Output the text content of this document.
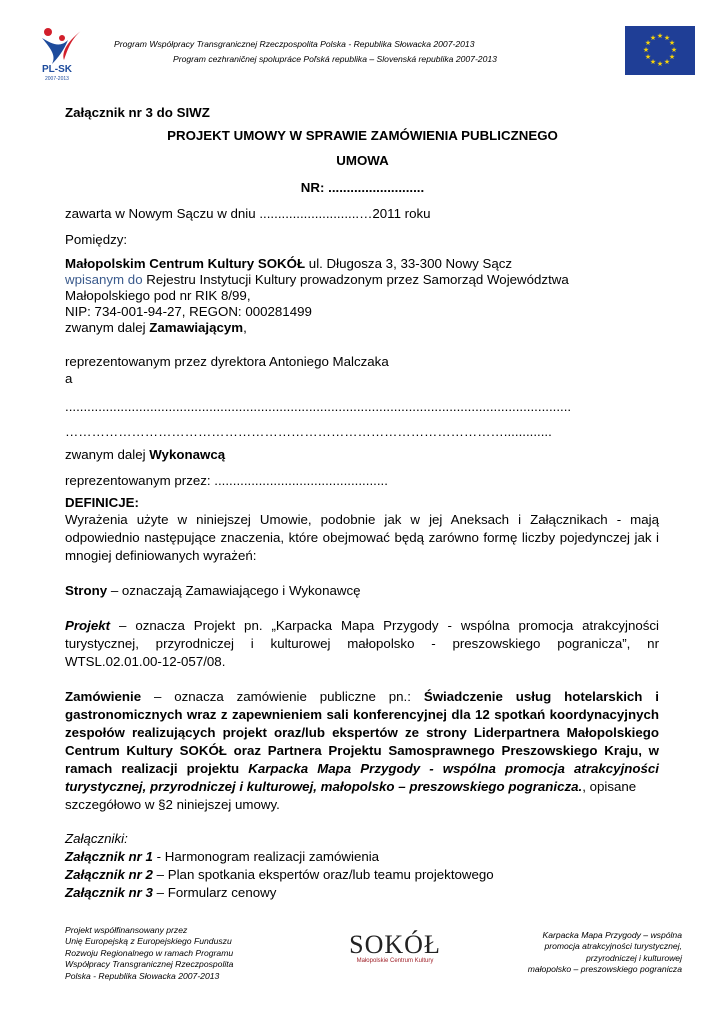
PL-SK
2007-2013
Program Współpracy Transgranicznej Rzeczpospolita Polska - Republika Słowacka 2007-2013
Program cezhraničnej spolupráce Poľská republika – Slovenská republika 2007-2013
★ ★
★
★
★
★
★
★
★
★
★
★
Załącznik nr 3 do SIWZ
PROJEKT UMOWY W SPRAWIE ZAMÓWIENIA PUBLICZNEGO
UMOWA
NR: ..........................
zawarta w Nowym Sączu w dniu ...........................…2011 roku
Pomiędzy:
Małopolskim Centrum Kultury SOKÓŁ ul. Długosza 3, 33-300 Nowy Sącz
wpisanym do Rejestru Instytucji Kultury prowadzonym przez Samorząd Województwa
Małopolskiego pod nr RIK 8/99,
NIP: 734-001-94-27, REGON: 000281499
zwanym dalej Zamawiającym,
reprezentowanym przez dyrektora Antoniego Malczaka
a
.........................................................................................................................................
……………………………………………………………………………………….............
zwanym dalej Wykonawcą
reprezentowanym przez: ...............................................
DEFINICJE:
Wyrażenia użyte w niniejszej Umowie, podobnie jak w jej Aneksach i Załącznikach - mają
odpowiednio następujące znaczenia, które obejmować będą zarówno formę liczby pojedynczej jak i
mnogiej definiowanych wyrażeń:
Strony – oznaczają Zamawiającego i Wykonawcę
Projekt – oznacza Projekt pn. „Karpacka Mapa Przygody - wspólna promocja atrakcyjności
turystycznej, przyrodniczej i kulturowej małopolsko - preszowskiego pogranicza”, nr
WTSL.02.01.00-12-057/08.
Zamówienie – oznacza zamówienie publiczne pn.: Świadczenie usług hotelarskich i
gastronomicznych wraz z zapewnieniem sali konferencyjnej dla 12 spotkań koordynacyjnych
zespołów realizujących projekt oraz/lub ekspertów ze strony Liderpartnera Małopolskiego
Centrum Kultury SOKÓŁ oraz Partnera Projektu Samosprawnego Preszowskiego Kraju, w
ramach realizacji projektu Karpacka Mapa Przygody - wspólna promocja atrakcyjności
turystycznej, przyrodniczej i kulturowej, małopolsko – preszowskiego pogranicza., opisane
szczegółowo w §2 niniejszej umowy.
Załączniki:
Załącznik nr 1 - Harmonogram realizacji zamówienia
Załącznik nr 2 – Plan spotkania ekspertów oraz/lub teamu projektowego
Załącznik nr 3 – Formularz cenowy
Projekt współfinansowany przez
Unię Europejską z Europejskiego Funduszu
Rozwoju Regionalnego w ramach Programu
Współpracy Transgranicznej Rzeczpospolita
Polska - Republika Słowacka 2007-2013
SOKÓŁ
Małopolskie Centrum Kultury
Karpacka Mapa Przygody – wspólna
promocja atrakcyjności turystycznej,
przyrodniczej i kulturowej
małopolsko – preszowskiego pogranicza
